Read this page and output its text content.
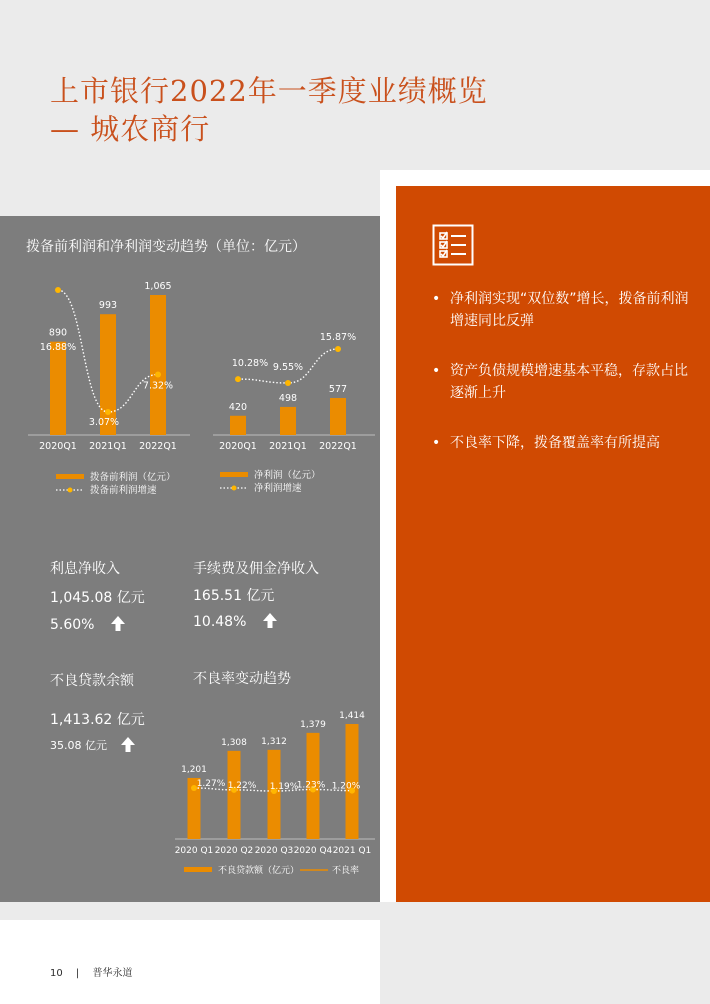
上市银行2022年一季度业绩概览
— 城农商行
拨备前利润和净利润变动趋势（单位：亿元）
890
2020Q1
993
2021Q1
1,065
2022Q1
16.88%
3.07%
7.32%
拨备前利润（亿元）
拨备前利润增速
420
2020Q1
498
2021Q1
577
2022Q1
10.28% 9.55%
15.87%
净利润（亿元）
净利润增速
利息净收入
1,045.08 亿元
5.60%
手续费及佣金净收入
165.51 亿元
10.48%
不良贷款余额	不良率变动趋势
1,413.62 亿元
35.08 亿元
1,201
2020 Q1
1,308
2020 Q2
1,312
2020 Q3
1,379
2020 Q4
1,414
2021 Q1
1.27% 1.22% 1.19%
1.23% 1.20%
不良贷款额（亿元）	不良率
• 净利润实现“双位数”增长，拨备前利润增速同比反弹
• 资产负债规模增速基本平稳，存款占比逐渐上升
• 不良率下降，拨备覆盖率有所提高
10 | 普华永道
